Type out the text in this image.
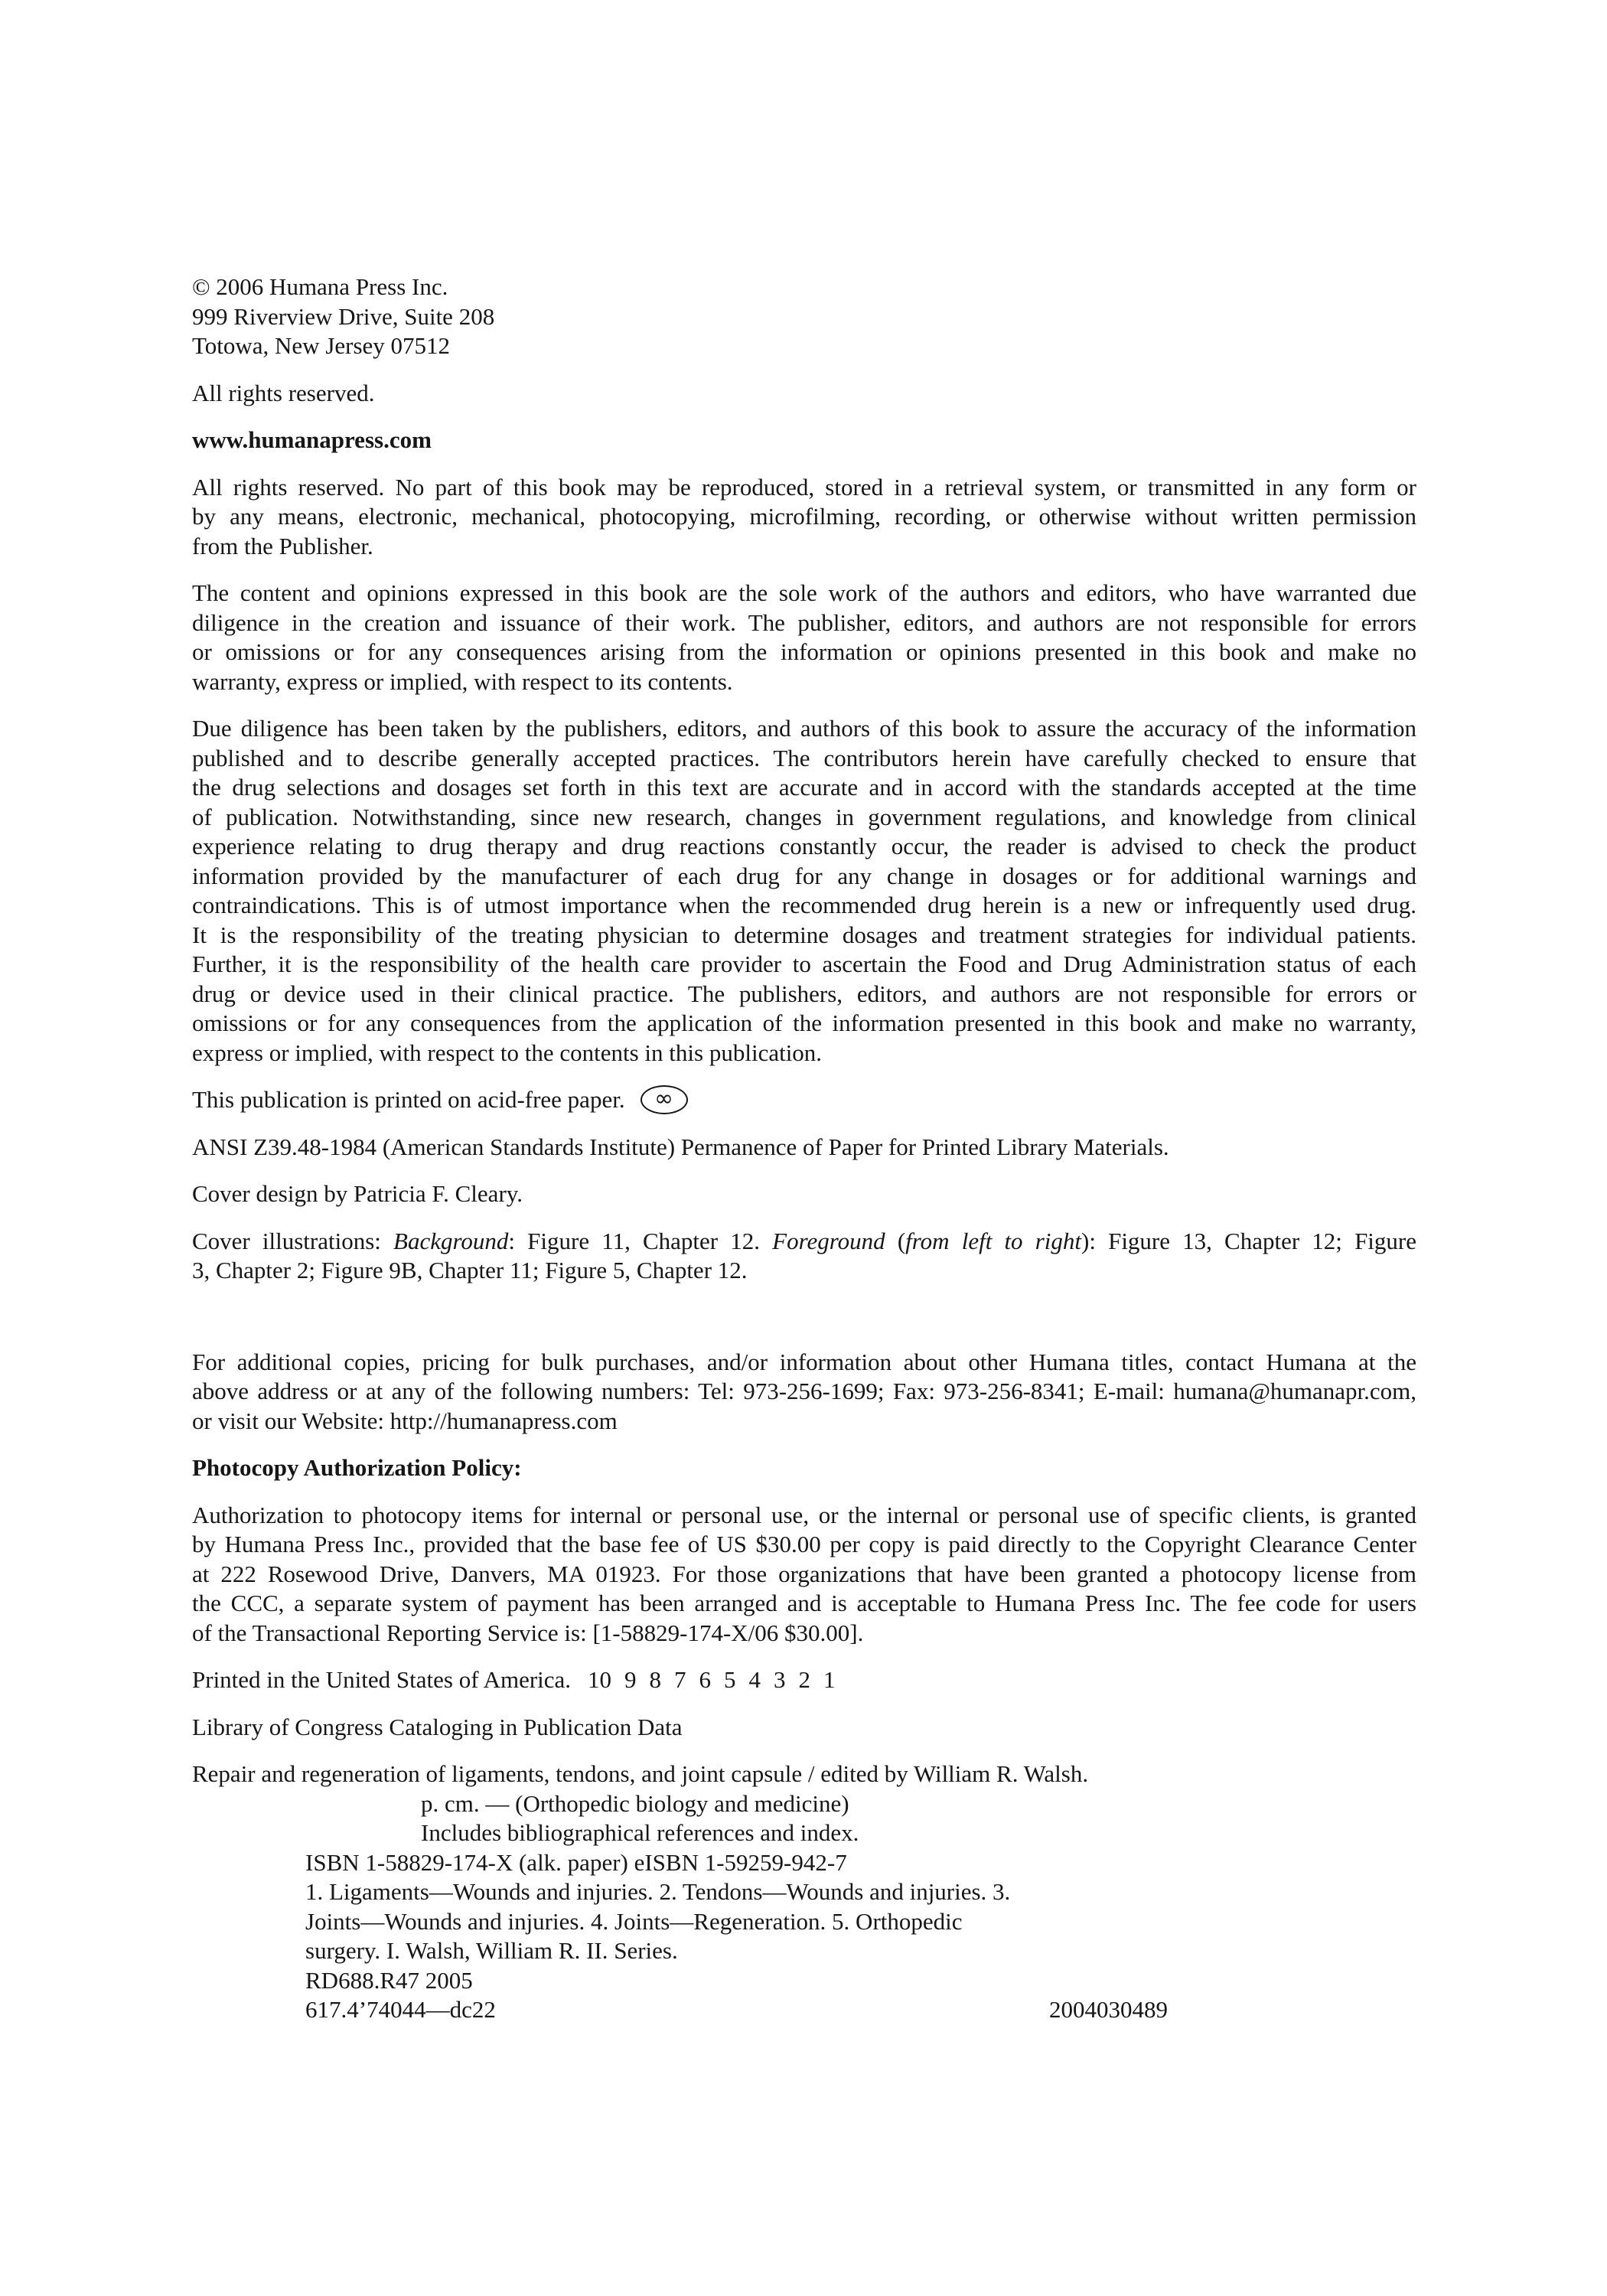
© 2006 Humana Press Inc.
999 Riverview Drive, Suite 208
Totowa, New Jersey 07512
All rights reserved.
www.humanapress.com
All rights reserved. No part of this book may be reproduced, stored in a retrieval system, or transmitted in any form or
by any means, electronic, mechanical, photocopying, microfilming, recording, or otherwise without written permission
from the Publisher.
The content and opinions expressed in this book are the sole work of the authors and editors, who have warranted due
diligence in the creation and issuance of their work. The publisher, editors, and authors are not responsible for errors
or omissions or for any consequences arising from the information or opinions presented in this book and make no
warranty, express or implied, with respect to its contents.
Due diligence has been taken by the publishers, editors, and authors of this book to assure the accuracy of the information
published and to describe generally accepted practices. The contributors herein have carefully checked to ensure that
the drug selections and dosages set forth in this text are accurate and in accord with the standards accepted at the time
of publication. Notwithstanding, since new research, changes in government regulations, and knowledge from clinical
experience relating to drug therapy and drug reactions constantly occur, the reader is advised to check the product
information provided by the manufacturer of each drug for any change in dosages or for additional warnings and
contraindications. This is of utmost importance when the recommended drug herein is a new or infrequently used drug.
It is the responsibility of the treating physician to determine dosages and treatment strategies for individual patients.
Further, it is the responsibility of the health care provider to ascertain the Food and Drug Administration status of each
drug or device used in their clinical practice. The publishers, editors, and authors are not responsible for errors or
omissions or for any consequences from the application of the information presented in this book and make no warranty,
express or implied, with respect to the contents in this publication.
This publication is printed on acid-free paper. ∞
ANSI Z39.48-1984 (American Standards Institute) Permanence of Paper for Printed Library Materials.
Cover design by Patricia F. Cleary.
Cover illustrations: Background: Figure 11, Chapter 12. Foreground (from left to right): Figure 13, Chapter 12; Figure
3, Chapter 2; Figure 9B, Chapter 11; Figure 5, Chapter 12.
For additional copies, pricing for bulk purchases, and/or information about other Humana titles, contact Humana at the
above address or at any of the following numbers: Tel: 973-256-1699; Fax: 973-256-8341; E-mail: humana@humanapr.com,
or visit our Website: http://humanapress.com
Photocopy Authorization Policy:
Authorization to photocopy items for internal or personal use, or the internal or personal use of specific clients, is granted
by Humana Press Inc., provided that the base fee of US $30.00 per copy is paid directly to the Copyright Clearance Center
at 222 Rosewood Drive, Danvers, MA 01923. For those organizations that have been granted a photocopy license from
the CCC, a separate system of payment has been arranged and is acceptable to Humana Press Inc. The fee code for users
of the Transactional Reporting Service is: [1-58829-174-X/06 $30.00].
Printed in the United States of America. 10 9 8 7 6 5 4 3 2 1
Library of Congress Cataloging in Publication Data
Repair and regeneration of ligaments, tendons, and joint capsule / edited by William R. Walsh.
p. cm. — (Orthopedic biology and medicine)
Includes bibliographical references and index.
ISBN 1-58829-174-X (alk. paper) eISBN 1-59259-942-7
1. Ligaments—Wounds and injuries. 2. Tendons—Wounds and injuries. 3.
Joints—Wounds and injuries. 4. Joints—Regeneration. 5. Orthopedic
surgery. I. Walsh, William R. II. Series.
RD688.R47 2005
617.4’74044—dc22	2004030489
